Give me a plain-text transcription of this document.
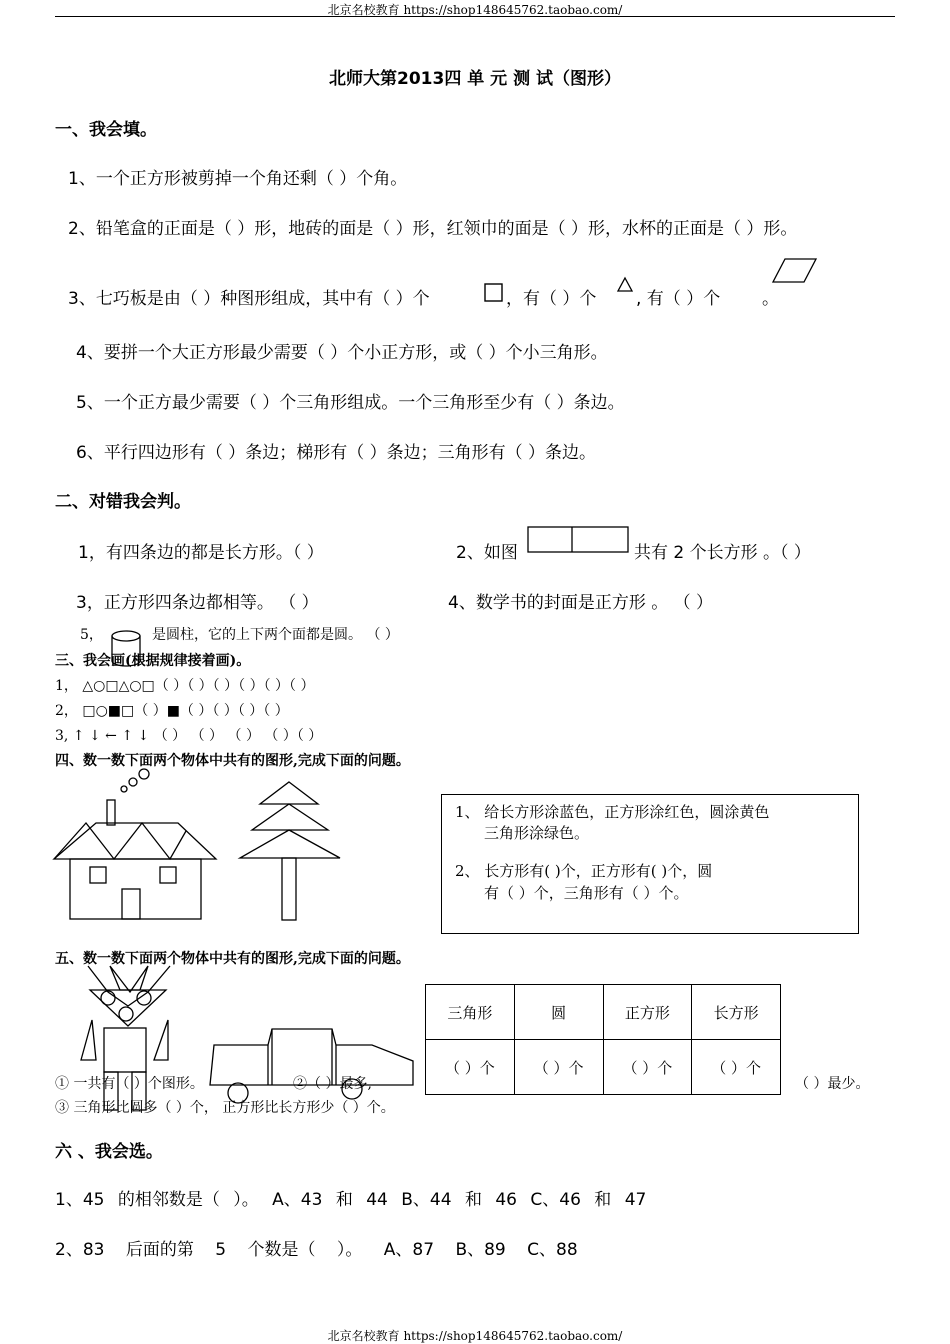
北京名校教育 https://shop148645762.taobao.com/
北师大第2013四 单 元 测 试（图形）
一、我会填。
1、一个正方形被剪掉一个角还剩（ ）个角。
2、铅笔盒的正面是（ ）形，地砖的面是（ ）形，红领巾的面是（ ）形，水杯的正面是（ ）形。
3、七巧板是由（ ）种图形组成，其中有（ ）个	，有（ ）个 , 有（ ）个 。
4、要拼一个大正方形最少需要（ ）个小正方形，或（ ）个小三角形。
5、一个正方最少需要（ ）个三角形组成。一个三角形至少有（ ）条边。
6、平行四边形有（ ）条边；梯形有（ ）条边；三角形有（ ）条边。
二、对错我会判。
1，有四条边的都是长方形。（ ）	2、如图	共有 2 个长方形 。（ ）
3，正方形四条边都相等。 （ ）	4、数学书的封面是正方形 。 （ ）
5，	是圆柱，它的上下两个面都是圆。 （ ）
三、我会画(根据规律接着画)。
1， △○□△○□（ ）（ ）（ ）（ ）（ ）（ ）
2， □○■□（ ）■（ ）（ ）（ ）（ ）
3, ↑ ↓ ← ↑ ↓ （ ） （ ） （ ） （ ）（ ）
四、数一数下面两个物体中共有的图形,完成下面的问题。
1、 给长方形涂蓝色，正方形涂红色，圆涂黄色
三角形涂绿色。
2、 长方形有( )个，正方形有( )个，圆
有（ ）个，三角形有（ ）个。
五、数一数下面两个物体中共有的图形,完成下面的问题。
三角形	圆	正方形	长方形
（ ）个	（ ）个	（ ）个	（ ）个
① 一共有（ ）个图形。	②（ ）最多,	（ ）最少。
③ 三角形比圆多（ ）个， 正方形比长方形少（ ）个。
六 、我会选。
1、45 的相邻数是（ ）。 A、43 和 44 B、44 和 46 C、46 和 47
2、83 后面的第 5 个数是（ ）。 A、87 B、89 C、88
北京名校教育 https://shop148645762.taobao.com/
